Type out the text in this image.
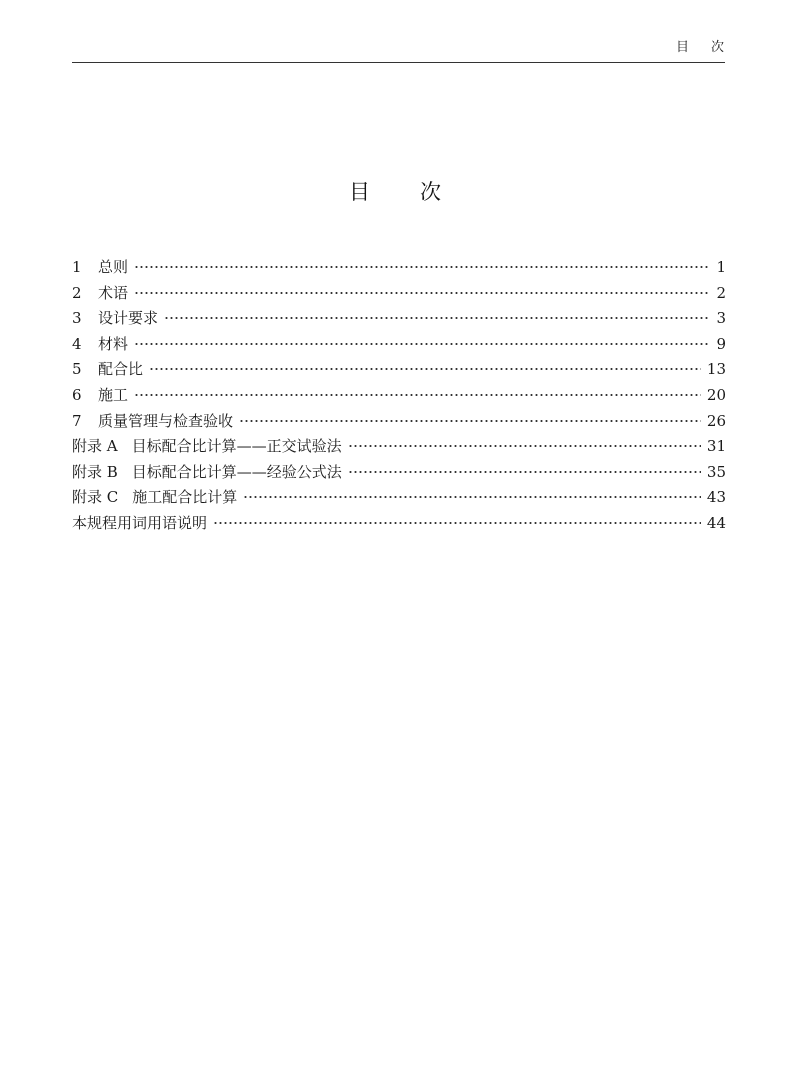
目 次
目 次
1 总则	1
2 术语	2
3 设计要求	3
4 材料	9
5 配合比	13
6 施工	20
7 质量管理与检查验收	26
附录 A 目标配合比计算——正交试验法	31
附录 B 目标配合比计算——经验公式法	35
附录 C 施工配合比计算	43
本规程用词用语说明	44
